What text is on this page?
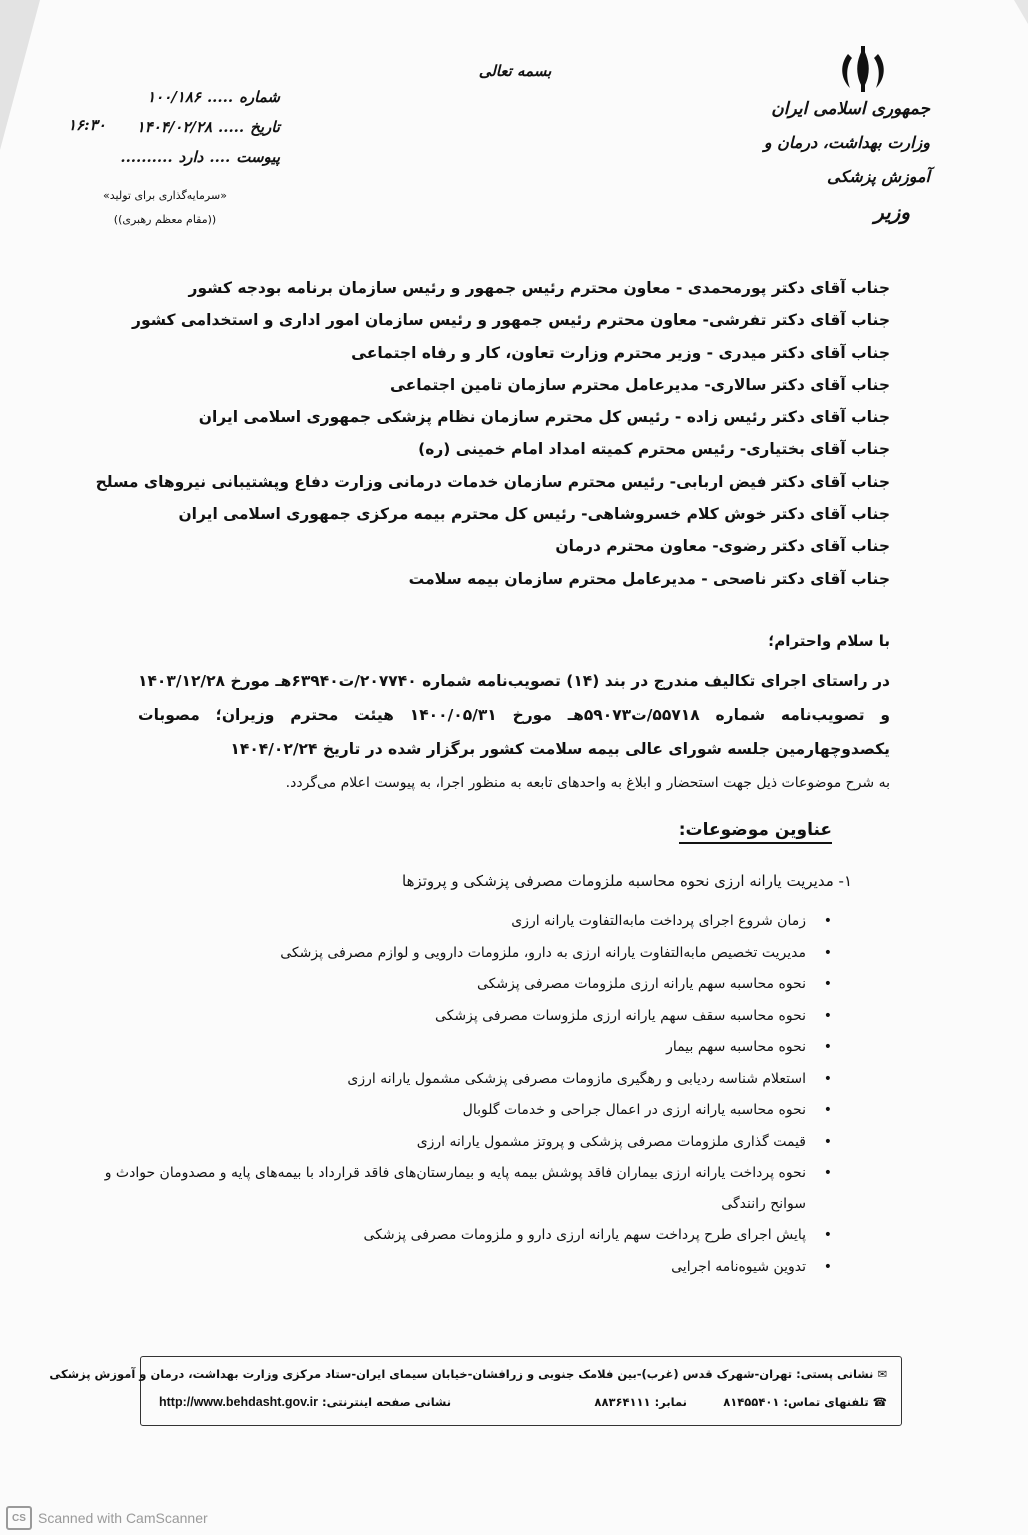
جمهوری اسلامی ایران
وزارت بهداشت، درمان و آموزش پزشکی
وزیر
بسمه تعالی
شماره
.....
۱۰۰/۱۸۶
تاریخ
.....
۱۴۰۴/۰۲/۲۸
پیوست
....
دارد
..........
۱۶:۳۰
«سرمایه‌گذاری برای تولید»
((مقام معظم رهبری))
جناب آقای دکتر پورمحمدی - معاون محترم رئیس جمهور و رئیس سازمان برنامه بودجه کشور
جناب آقای دکتر تفرشی- معاون محترم رئیس جمهور و رئیس سازمان امور اداری و استخدامی کشور
جناب آقای دکتر میدری - وزیر محترم وزارت تعاون، کار و رفاه اجتماعی
جناب آقای دکتر سالاری- مدیرعامل محترم سازمان تامین اجتماعی
جناب آقای دکتر رئیس زاده - رئیس کل محترم سازمان نظام پزشکی جمهوری اسلامی ایران
جناب آقای بختیاری- رئیس محترم کمیته امداد امام خمینی (ره)
جناب آقای دکتر فیض اربابی- رئیس محترم سازمان خدمات درمانی وزارت دفاع وپشتیبانی نیروهای مسلح
جناب آقای دکتر خوش کلام خسروشاهی- رئیس کل محترم بیمه مرکزی جمهوری اسلامی ایران
جناب آقای دکتر رضوی- معاون محترم درمان
جناب آقای دکتر ناصحی - مدیرعامل محترم سازمان بیمه سلامت
با سلام واحترام؛
در راستای اجرای تکالیف مندرج در بند (۱۴) تصویب‌نامه شماره ۲۰۷۷۴۰/ت۶۳۹۴۰هـ مورخ ۱۴۰۳/۱۲/۲۸ و تصویب‌نامه شماره ۵۵۷۱۸/ت۵۹۰۷۳هـ مورخ ۱۴۰۰/۰۵/۳۱ هیئت محترم وزیران؛ مصوبات یکصدوچهارمین جلسه شورای عالی بیمه سلامت کشور برگزار شده در تاریخ ۱۴۰۴/۰۲/۲۴
به شرح موضوعات ذیل جهت استحضار و ابلاغ به واحدهای تابعه به منظور اجرا، به پیوست اعلام می‌گردد.
عناوین موضوعات:
۱- مدیریت یارانه ارزی نحوه محاسبه ملزومات مصرفی پزشکی و پروتزها
•
زمان شروع اجرای پرداخت مابه‌التفاوت یارانه ارزی
•
مدیریت تخصیص مابه‌التفاوت یارانه ارزی به دارو، ملزومات دارویی و لوازم مصرفی پزشکی
•
نحوه محاسبه سهم یارانه ارزی ملزومات مصرفی پزشکی
•
نحوه محاسبه سقف سهم یارانه ارزی ملزوسات مصرفی پزشکی
•
نحوه محاسبه سهم بیمار
•
استعلام شناسه ردیابی و رهگیری مازومات مصرفی پزشکی مشمول یارانه ارزی
•
نحوه محاسبه یارانه ارزی در اعمال جراحی و خدمات گلوبال
•
قیمت گذاری ملزومات مصرفی پزشکی و پروتز مشمول یارانه ارزی
•
نحوه پرداخت یارانه ارزی بیماران فاقد پوشش بیمه پایه و بیمارستان‌های فاقد قرارداد با بیمه‌های پایه و مصدومان حوادث و سوانح رانندگی
•
پایش اجرای طرح پرداخت سهم یارانه ارزی دارو و ملزومات مصرفی پزشکی
•
تدوین شیوه‌نامه اجرایی
✉ نشانی پستی: تهران-شهرک قدس (غرب)-بین فلامک جنوبی و زرافشان-خیابان سیمای ایران-ستاد مرکزی وزارت بهداشت، درمان و آموزش پزشکی
☎ تلفنهای تماس: ۸۱۴۵۵۴۰۱
نمابر: ۸۸۳۶۴۱۱۱
نشانی صفحه اینترنتی:
http://www.behdasht.gov.ir
CS Scanned with CamScanner
